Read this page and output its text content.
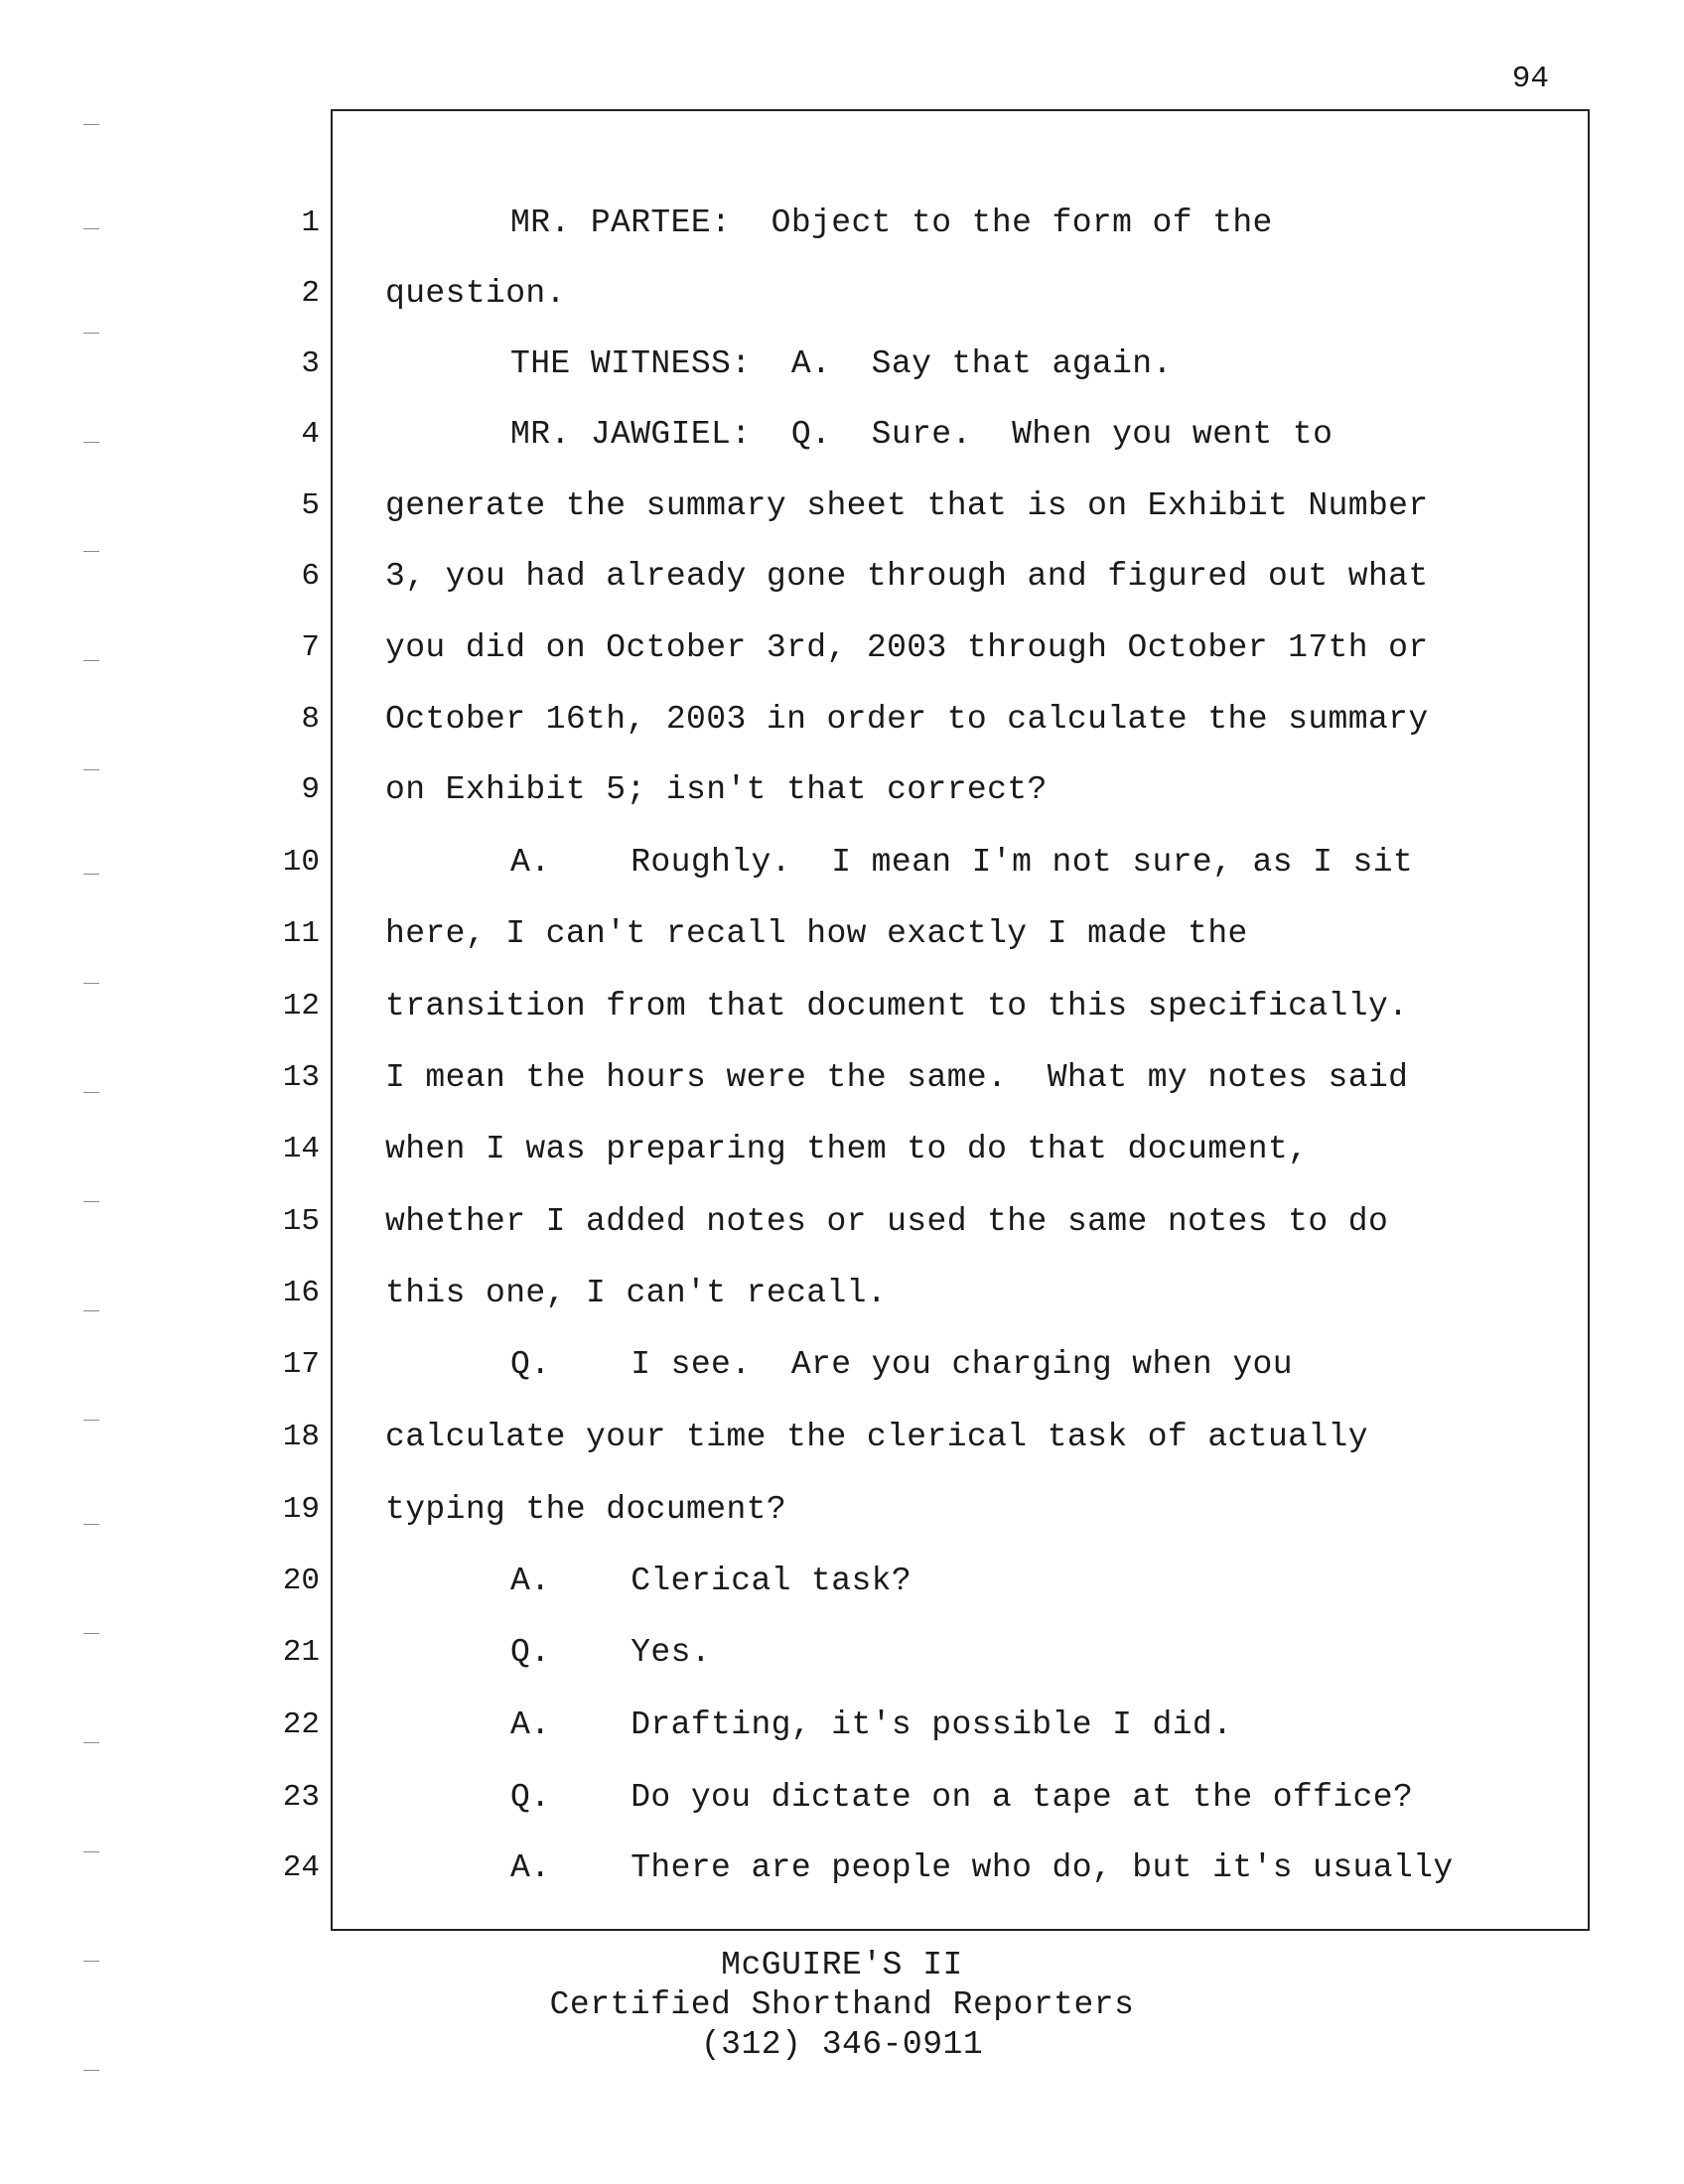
94
1	MR. PARTEE:  Object to the form of the
2 question.
3	THE WITNESS:  A.  Say that again.
4	MR. JAWGIEL:  Q.  Sure.  When you went to
5 generate the summary sheet that is on Exhibit Number
6 3, you had already gone through and figured out what
7 you did on October 3rd, 2003 through October 17th or
8 October 16th, 2003 in order to calculate the summary
9 on Exhibit 5; isn't that correct?
10	A.    Roughly.  I mean I'm not sure, as I sit
11 here, I can't recall how exactly I made the
12 transition from that document to this specifically.
13 I mean the hours were the same.  What my notes said
14 when I was preparing them to do that document,
15 whether I added notes or used the same notes to do
16 this one, I can't recall.
17	Q.    I see.  Are you charging when you
18 calculate your time the clerical task of actually
19 typing the document?
20	A.    Clerical task?
21	Q.    Yes.
22	A.    Drafting, it's possible I did.
23	Q.    Do you dictate on a tape at the office?
24	A.    There are people who do, but it's usually
McGUIRE'S II
Certified Shorthand Reporters
(312) 346-0911
